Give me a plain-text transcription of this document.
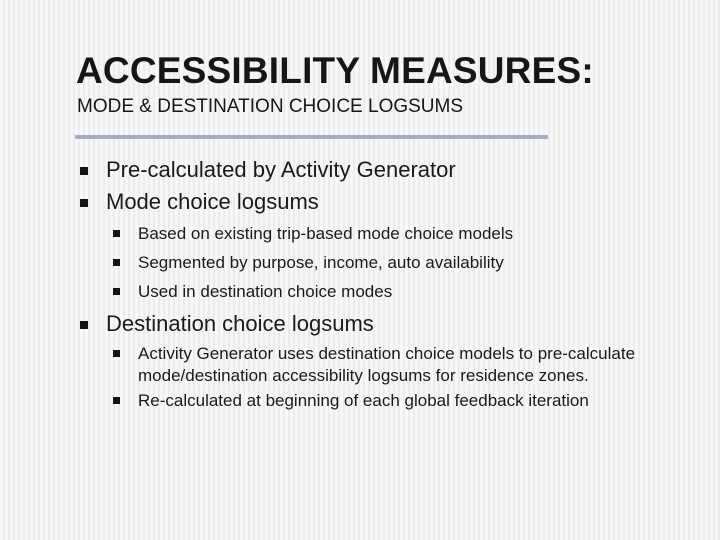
ACCESSIBILITY MEASURES:
MODE & DESTINATION CHOICE LOGSUMS
Pre-calculated by Activity Generator
Mode choice logsums
Based on existing trip-based mode choice models
Segmented by purpose, income, auto availability
Used in destination choice modes
Destination choice logsums
Activity Generator uses destination choice models to pre-calculate
mode/destination accessibility logsums for residence zones.
Re-calculated at beginning of each global feedback iteration
